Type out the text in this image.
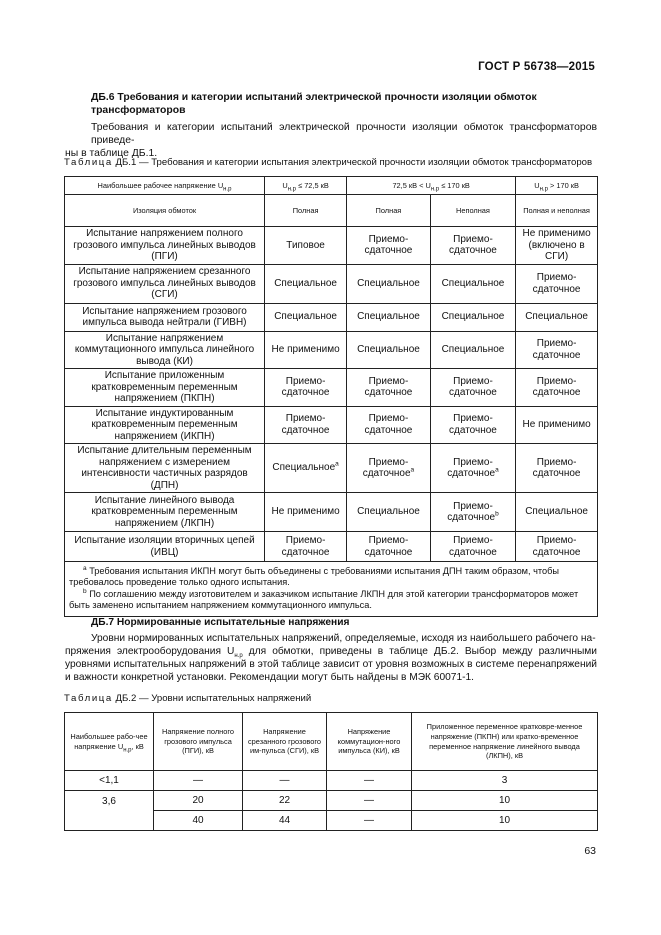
ГОСТ Р 56738—2015
ДБ.6 Требования и категории испытаний электрической прочности изоляции обмоток трансформаторов
Требования и категории испытаний электрической прочности изоляции обмоток трансформаторов приведе-
ны в таблице ДБ.1.
Таблица ДБ.1 — Требования и категории испытания электрической прочности изоляции обмоток трансформаторов
Наибольшее рабочее напряжение $U_{н.р}$	$U_{н.р} \le 72,5$ кВ	72,5 кВ < $U_{н.р} \le 170$ кВ		$U_{н.р} > 170$ кВ
Изоляция обмоток	Полная	Полная	Неполная	Полная и неполная
Испытание напряжением полного грозового импульса линейных выводов (ПГИ)	Типовое	Приемо-сдаточное	Приемо-сдаточное	Не применимо (включено в СГИ)
Испытание напряжением срезанного грозового импульса линейных выводов (СГИ)	Специальное	Специальное	Специальное	Приемо-сдаточное
Испытание напряжением грозового импульса вывода нейтрали (ГИВН)	Специальное	Специальное	Специальное	Специальное
Испытание напряжением коммутационного импульса линейного вывода (КИ)	Не применимо	Специальное	Специальное	Приемо-сдаточное
Испытание приложенным кратковременным переменным напряжением (ПКПН)	Приемо-сдаточное	Приемо-сдаточное	Приемо-сдаточное	Приемо-сдаточное
Испытание индуктированным кратковременным переменным напряжением (ИКПН)	Приемо-сдаточное	Приемо-сдаточное	Приемо-сдаточное	Не применимо
Испытание длительным переменным напряжением с измерением интенсивности частичных разрядов (ДПН)	Специальное$^a$	Приемо-сдаточное$^a$	Приемо-сдаточное$^a$	Приемо-сдаточное
Испытание линейного вывода кратковременным переменным напряжением (ЛКПН)	Не применимо	Специальное	Приемо-сдаточное$^b$	Специальное
Испытание изоляции вторичных цепей (ИВЦ)	Приемо-сдаточное	Приемо-сдаточное	Приемо-сдаточное	Приемо-сдаточное

$^a$ Требования испытания ИКПН могут быть объединены с требованиями испытания ДПН таким образом, чтобы требовалось проведение только одного испытания.
$^b$ По соглашению между изготовителем и заказчиком испытание ЛКПН для этой категории трансформаторов может быть заменено испытанием напряжением коммутационного импульса.				
ДБ.7 Нормированные испытательные напряжения
Уровни нормированных испытательных напряжений, определяемые, исходя из наибольшего рабочего на-
пряжения электрооборудования $U_{н.р}$ для обмотки, приведены в таблице ДБ.2. Выбор между различными уровнями испытательных напряжений в этой таблице зависит от уровня возможных в системе перенапряжений и важности конкретной установки. Рекомендации могут быть найдены в МЭК 60071-1.
Таблица ДБ.2 — Уровни испытательных напряжений
Наибольшее рабо-чее напряжение $U_{н.р}$, кВ	Напряжение полного грозового импульса (ПГИ), кВ	Напряжение срезанного грозового им-пульса (СГИ), кВ	Напряжение коммутацион-ного импульса (КИ), кВ	Приложенное переменное кратковре-менное напряжение (ПКПН) или кратко-временное переменное напряжение линейного вывода (ЛКПН), кВ
<1,1	—	—	—	3
3,6	20	22	—	10
	40	44	—	10
63
